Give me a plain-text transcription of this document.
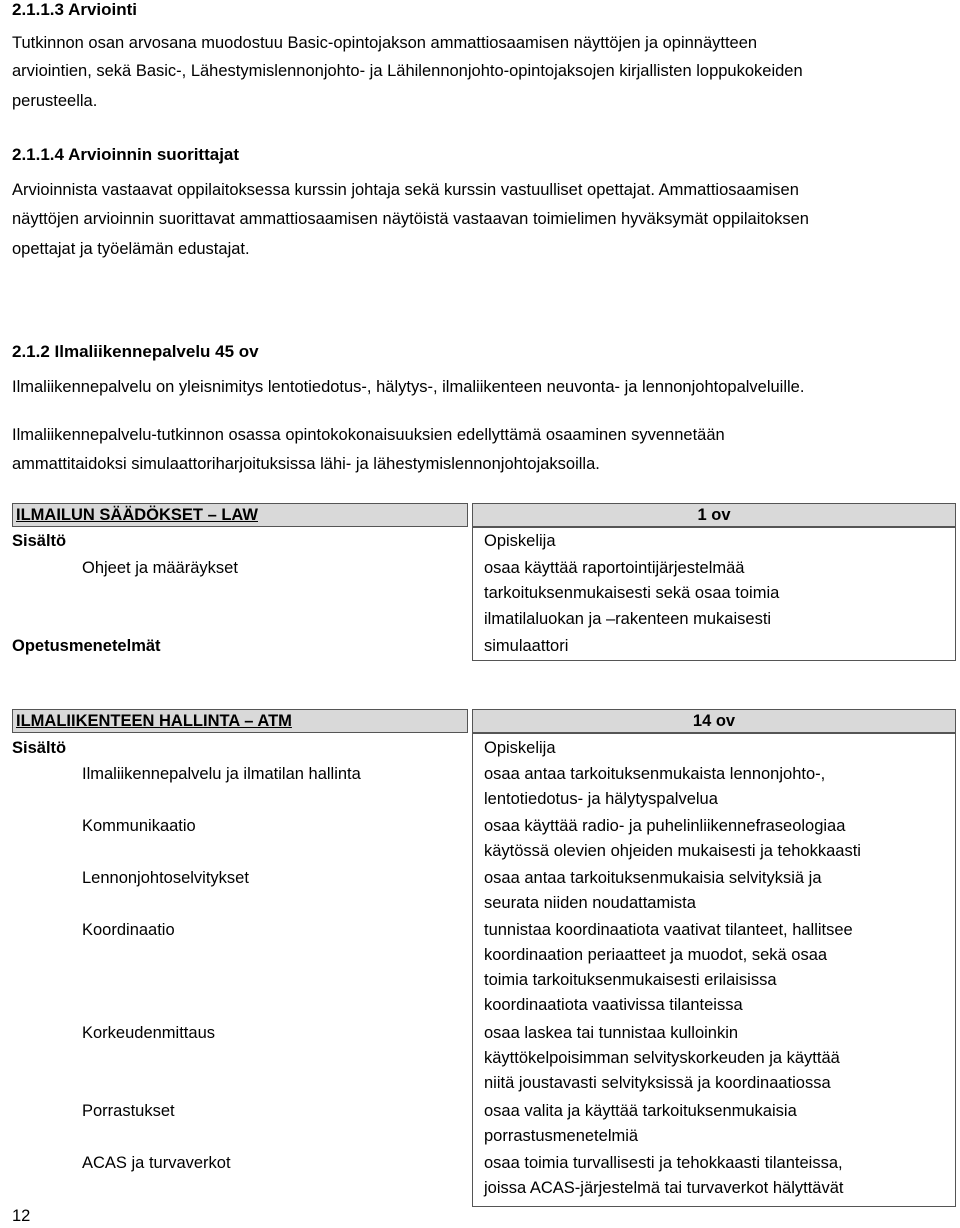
2.1.1.3 Arviointi

Tutkinnon osan arvosana muodostuu Basic-opintojakson ammattiosaamisen näyttöjen ja opinnäytteen

arviointien, sekä Basic-, Lähestymislennonjohto- ja Lähilennonjohto-opintojaksojen kirjallisten loppukokeiden

perusteella.

2.1.1.4 Arvioinnin suorittajat

Arvioinnista vastaavat oppilaitoksessa kurssin johtaja sekä kurssin vastuulliset opettajat. Ammattiosaamisen

näyttöjen arvioinnin suorittavat ammattiosaamisen näytöistä vastaavan toimielimen hyväksymät oppilaitoksen

opettajat ja työelämän edustajat.

2.1.2 Ilmaliikennepalvelu 45 ov

Ilmaliikennepalvelu on yleisnimitys lentotiedotus-, hälytys-, ilmaliikenteen neuvonta- ja lennonjohtopalveluille.

Ilmaliikennepalvelu-tutkinnon osassa opintokokonaisuuksien edellyttämä osaaminen syvennetään

ammattitaidoksi simulaattoriharjoituksissa lähi- ja lähestymislennonjohtojaksoilla.

ILMAILUN SÄÄDÖKSET – LAW	1 ov
Sisältö	Opiskelija
Ohjeet ja määräykset	osaa käyttää raportointijärjestelmää
tarkoituksenmukaisesti sekä osaa toimia
ilmatilaluokan ja –rakenteen mukaisesti
Opetusmenetelmät	simulaattori
ILMALIIKENTEEN HALLINTA – ATM	14 ov
Sisältö	Opiskelija
Ilmaliikennepalvelu ja ilmatilan hallinta	osaa antaa tarkoituksenmukaista lennonjohto-,
lentotiedotus- ja hälytyspalvelua
Kommunikaatio	osaa käyttää radio- ja puhelinliikennefraseologiaa
käytössä olevien ohjeiden mukaisesti ja tehokkaasti
Lennonjohtoselvitykset	osaa antaa tarkoituksenmukaisia selvityksiä ja
seurata niiden noudattamista
Koordinaatio	tunnistaa koordinaatiota vaativat tilanteet, hallitsee
koordinaation periaatteet ja muodot, sekä osaa
toimia tarkoituksenmukaisesti erilaisissa
koordinaatiota vaativissa tilanteissa
Korkeudenmittaus	osaa laskea tai tunnistaa kulloinkin
käyttökelpoisimman selvityskorkeuden ja käyttää
niitä joustavasti selvityksissä ja koordinaatiossa
Porrastukset	osaa valita ja käyttää tarkoituksenmukaisia
porrastusmenetelmiä
ACAS ja turvaverkot	osaa toimia turvallisesti ja tehokkaasti tilanteissa,
joissa ACAS-järjestelmä tai turvaverkot hälyttävät
12
